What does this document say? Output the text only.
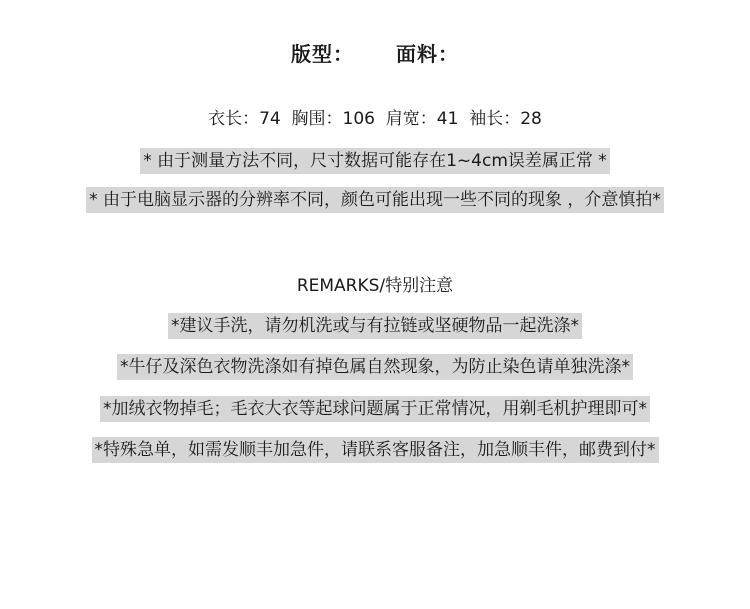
版型： 面料：
衣长：74  胸围：106  肩宽：41  袖长：28
* 由于测量方法不同，尺寸数据可能存在1~4cm误差属正常 *
* 由于电脑显示器的分辨率不同，颜色可能出现一些不同的现象 ，介意慎拍*
REMARKS/特别注意
*建议手洗，请勿机洗或与有拉链或坚硬物品一起洗涤*
*牛仔及深色衣物洗涤如有掉色属自然现象，为防止染色请单独洗涤*
*加绒衣物掉毛；毛衣大衣等起球问题属于正常情况，用剃毛机护理即可*
*特殊急单，如需发顺丰加急件，请联系客服备注，加急顺丰件，邮费到付*
